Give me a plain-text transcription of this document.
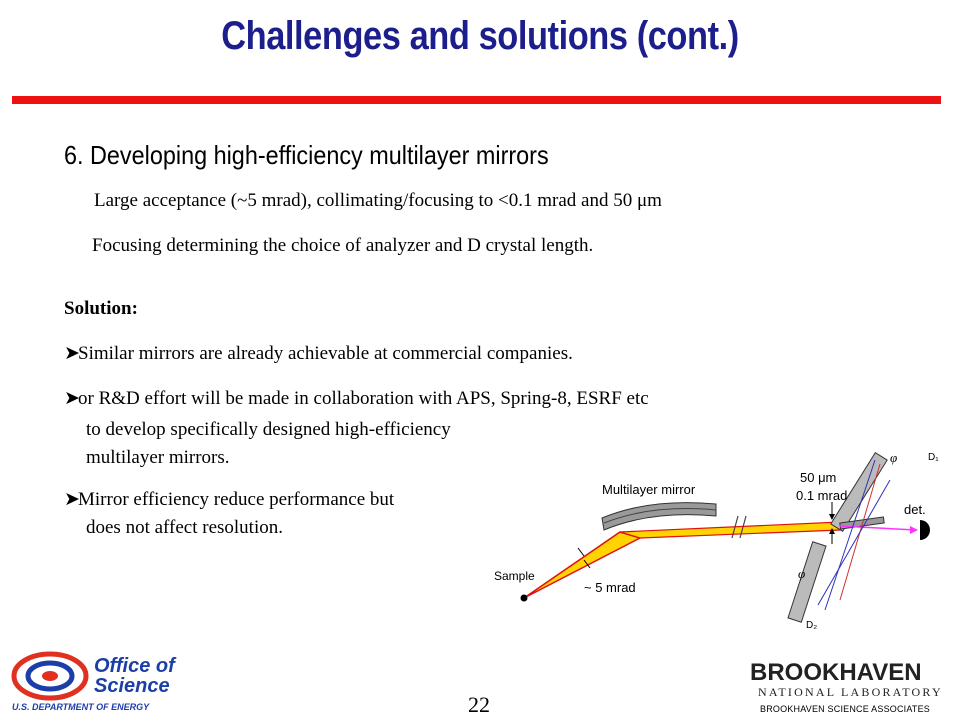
Challenges and solutions (cont.)
6. Developing high-efficiency multilayer mirrors
Large acceptance (~5 mrad), collimating/focusing to <0.1 mrad and 50 μm
Focusing determining the choice of analyzer and D crystal length.
Solution:
➤Similar mirrors are already achievable at commercial companies.
➤or R&D effort will be made in collaboration with APS, Spring-8, ESRF etc
to develop specifically designed high-efficiency
multilayer mirrors.
➤Mirror efficiency reduce performance but
does not affect resolution.
Multilayer mirror
Sample
~ 5 mrad
50 μm
0.1 mrad
det.
φ
φ
D₁
D₂
Office of
Science
U.S. DEPARTMENT OF ENERGY	22
BROOKHAVEN
NATIONAL LABORATORY
BROOKHAVEN SCIENCE ASSOCIATES
